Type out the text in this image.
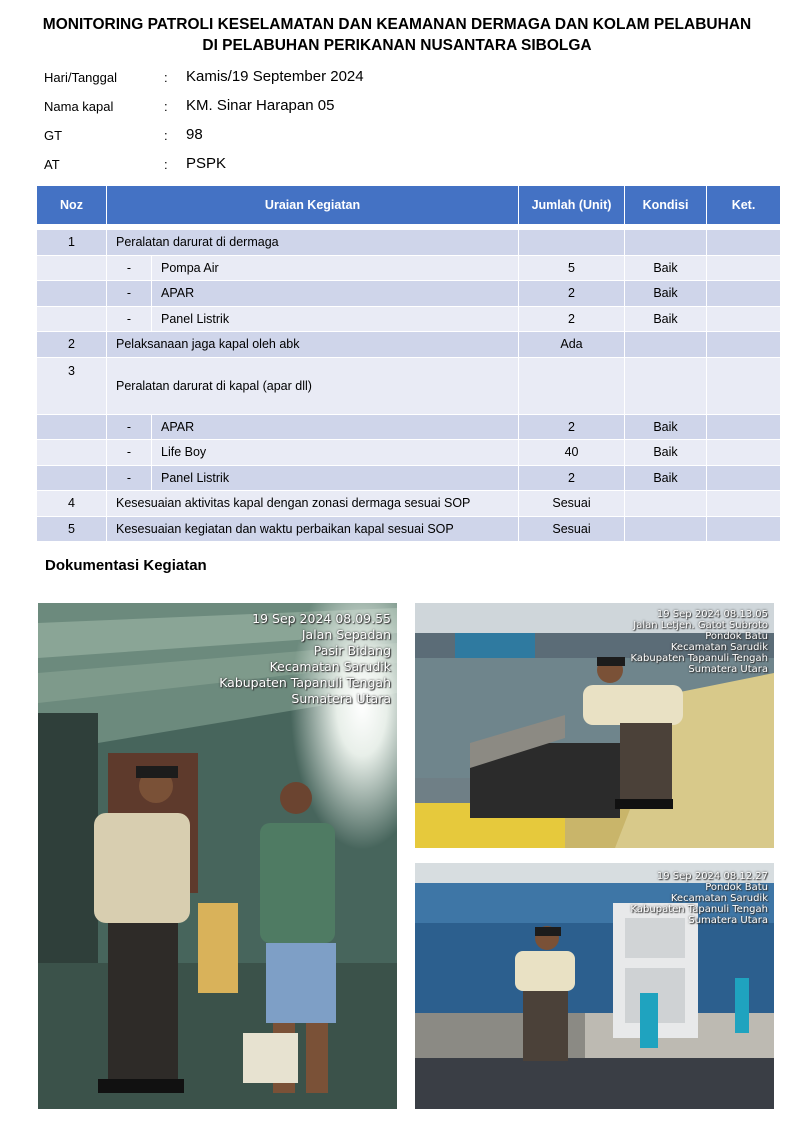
MONITORING PATROLI KESELAMATAN DAN KEAMANAN DERMAGA DAN KOLAM PELABUHAN
DI PELABUHAN PERIKANAN NUSANTARA SIBOLGA
Hari/Tanggal	: Kamis/19 September 2024
Nama kapal	: KM. Sinar Harapan 05
GT	: 98
AT	: PSPK
Noz	Uraian Kegiatan		Jumlah (Unit)	Kondisi	Ket.

1	Peralatan darurat di dermaga				
	-	Pompa Air	5	Baik	
	-	APAR	2	Baik	
	-	Panel Listrik	2	Baik	
2	Pelaksanaan jaga kapal oleh abk		Ada		
3	Peralatan darurat di kapal (apar dll)				
	-	APAR	2	Baik	
	-	Life Boy	40	Baik	
	-	Panel Listrik	2	Baik	
4	Kesesuaian aktivitas kapal dengan zonasi dermaga sesuai SOP		Sesuai		
5	Kesesuaian kegiatan dan waktu perbaikan kapal sesuai SOP		Sesuai		
Dokumentasi Kegiatan
19 Sep 2024 08.09.55
Jalan Sepadan
Pasir Bidang
Kecamatan Sarudik
Kabupaten Tapanuli Tengah
Sumatera Utara
19 Sep 2024 08.13.05
Jalan Letjen. Gatot Subroto
Pondok Batu
Kecamatan Sarudik
Kabupaten Tapanuli Tengah
Sumatera Utara
19 Sep 2024 08.12.27
Pondok Batu
Kecamatan Sarudik
Kabupaten Tapanuli Tengah
Sumatera Utara
